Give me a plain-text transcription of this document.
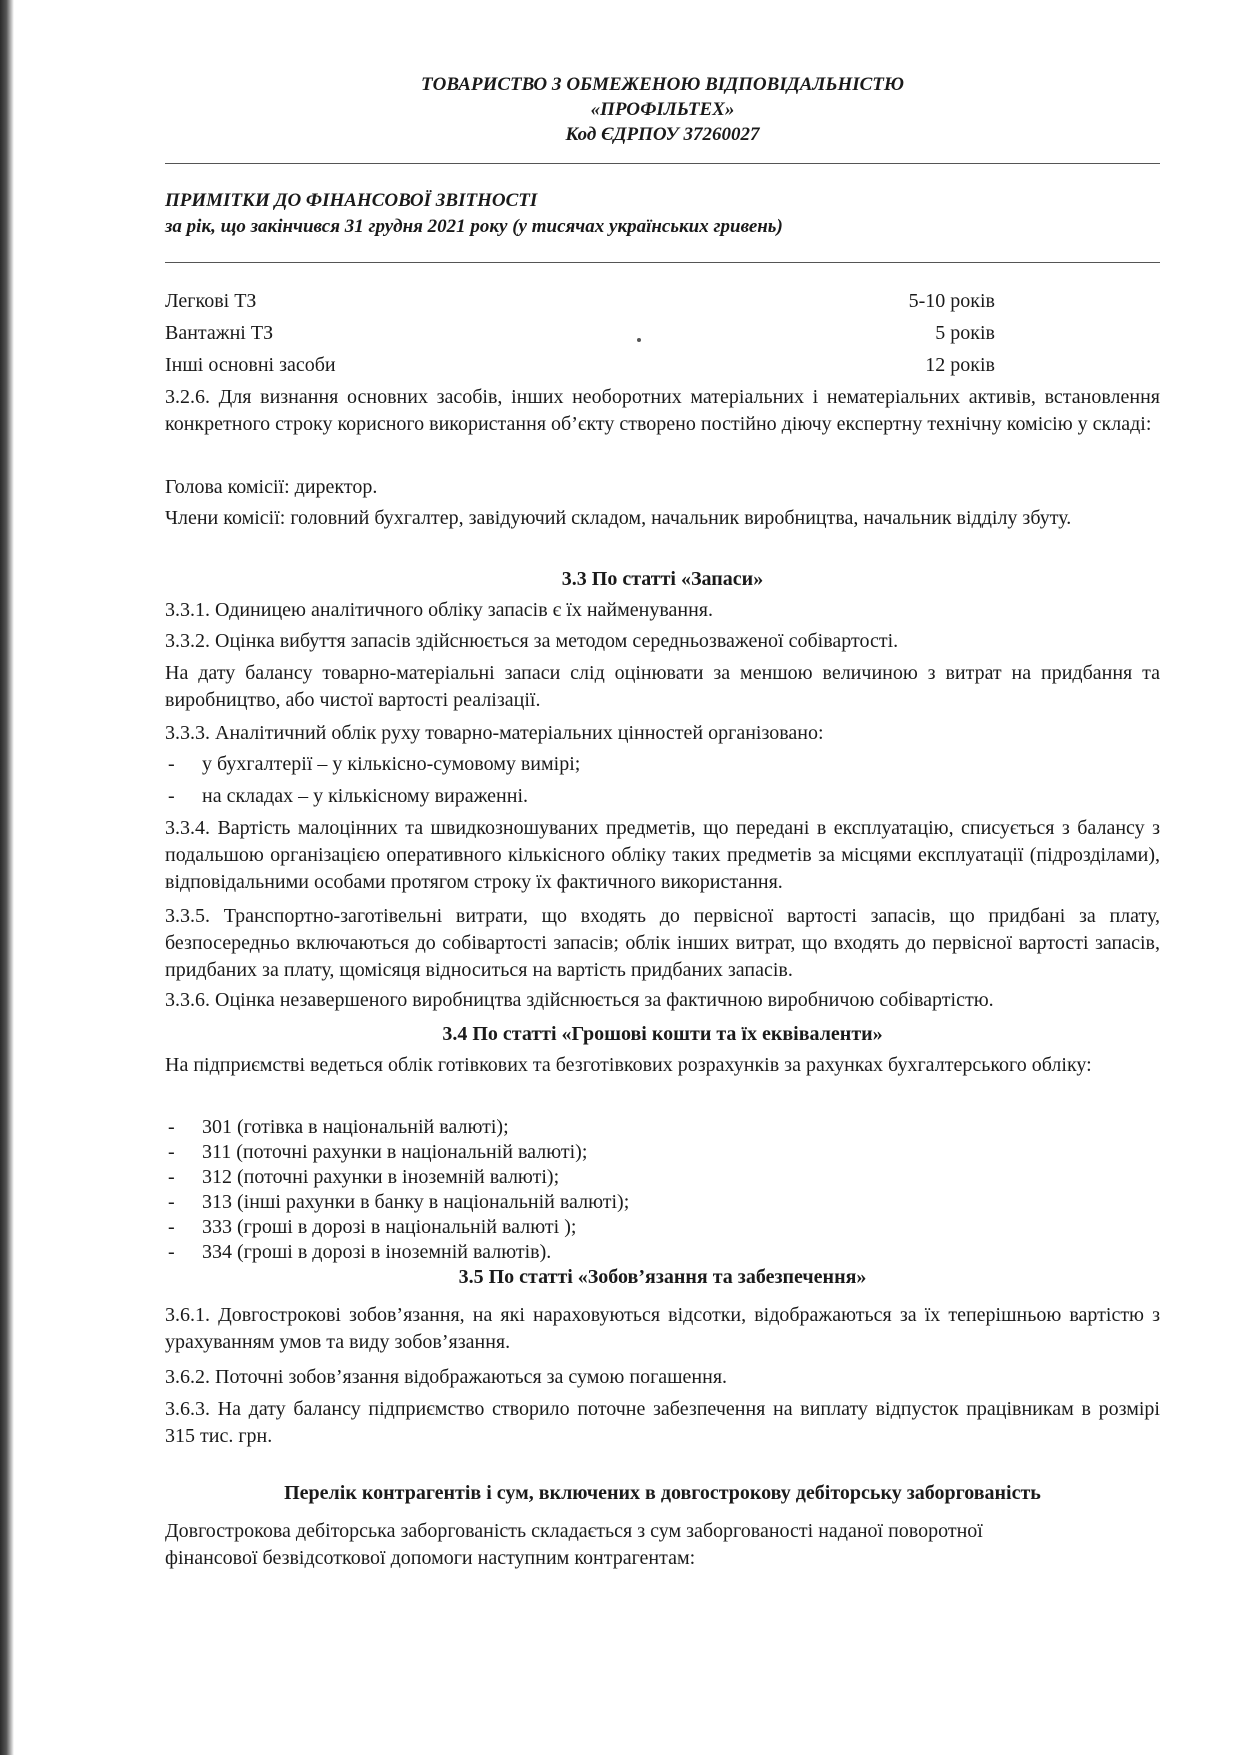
ТОВАРИСТВО З ОБМЕЖЕНОЮ ВІДПОВІДАЛЬНІСТЮ
«ПРОФІЛЬТЕХ»
Код ЄДРПОУ 37260027
ПРИМІТКИ ДО ФІНАНСОВОЇ ЗВІТНОСТІ
за рік, що закінчився 31 грудня 2021 року (у тисячах українських гривень)
Легкові ТЗ	5-10 років
Вантажні ТЗ	5 років
Інші основні засоби	12 років
3.2.6. Для визнання основних засобів, інших необоротних матеріальних і нематеріальних активів, встановлення конкретного строку корисного використання об’єкту створено постійно діючу експертну технічну комісію у складі:
Голова комісії: директор.
Члени комісії: головний бухгалтер, завідуючий складом, начальник виробництва, начальник відділу збуту.
3.3 По статті «Запаси»
3.3.1. Одиницею аналітичного обліку запасів є їх найменування.
3.3.2. Оцінка вибуття запасів здійснюється за методом середньозваженої собівартості.
На дату балансу товарно-матеріальні запаси слід оцінювати за меншою величиною з витрат на придбання та виробництво, або чистої вартості реалізації.
3.3.3. Аналітичний облік руху товарно-матеріальних цінностей організовано:
- у бухгалтерії – у кількісно-сумовому вимірі;
- на складах – у кількісному вираженні.
3.3.4. Вартість малоцінних та швидкозношуваних предметів, що передані в експлуатацію, списується з балансу з подальшою організацією оперативного кількісного обліку таких предметів за місцями експлуатації (підрозділами), відповідальними особами протягом строку їх фактичного використання.
3.3.5. Транспортно-заготівельні витрати, що входять до первісної вартості запасів, що придбані за плату, безпосередньо включаються до собівартості запасів; облік інших витрат, що входять до первісної вартості запасів, придбаних за плату, щомісяця відноситься на вартість придбаних запасів.
3.3.6. Оцінка незавершеного виробництва здійснюється за фактичною виробничою собівартістю.
3.4 По статті «Грошові кошти та їх еквіваленти»
На підприємстві ведеться облік готівкових та безготівкових розрахунків за рахунках бухгалтерського обліку:
- 301 (готівка в національній валюті);
- 311 (поточні рахунки в національній валюті);
- 312 (поточні рахунки в іноземній валюті);
- 313 (інші рахунки в банку в національній валюті);
- 333 (гроші в дорозі в національній валюті );
- 334 (гроші в дорозі в іноземній валютів).
3.5 По статті «Зобов’язання та забезпечення»
3.6.1. Довгострокові зобов’язання, на які нараховуються відсотки, відображаються за їх теперішньою вартістю з урахуванням умов та виду зобов’язання.
3.6.2. Поточні зобов’язання відображаються за сумою погашення.
3.6.3. На дату балансу підприємство створило поточне забезпечення на виплату відпусток працівникам в розмірі 315 тис. грн.
Перелік контрагентів і сум, включених в довгострокову дебіторську заборгованість
Довгострокова дебіторська заборгованість складається з сум заборгованості наданої поворотної
фінансової безвідсоткової допомоги наступним контрагентам:
